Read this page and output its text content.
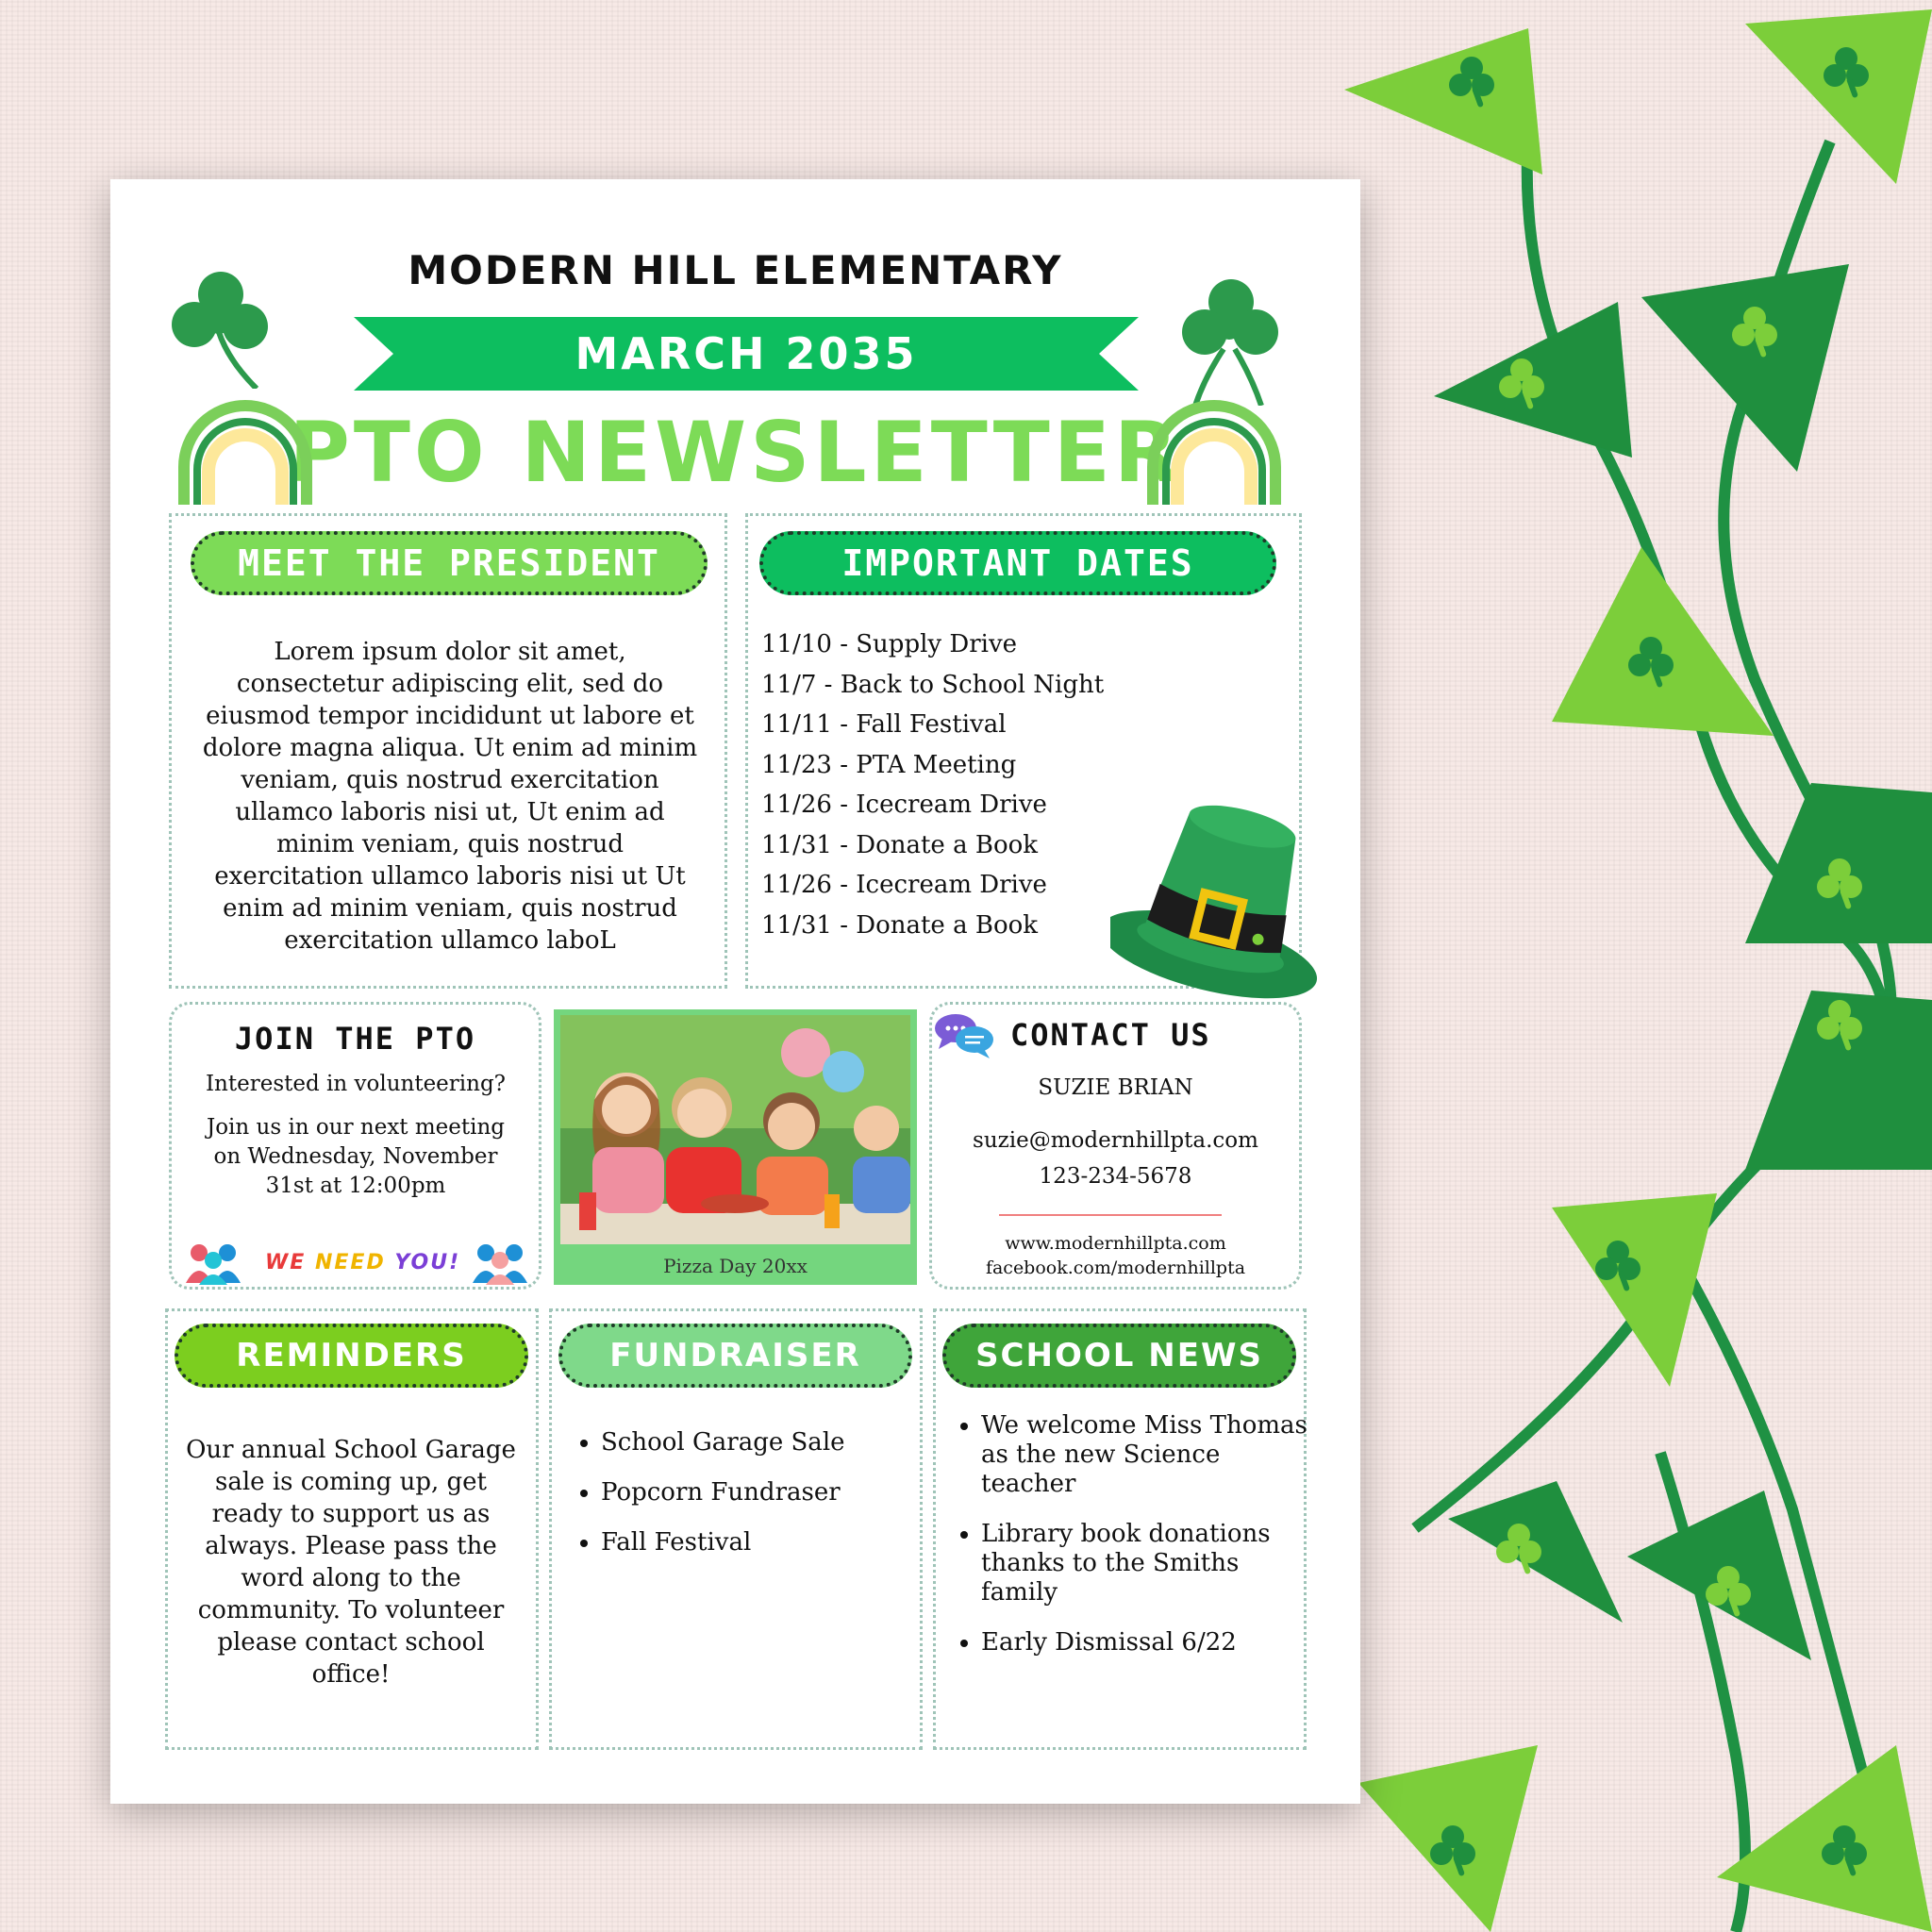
MODERN HILL ELEMENTARY
MARCH 2035
PTO NEWSLETTER
MEET THE PRESIDENT
Lorem ipsum dolor sit amet, consectetur adipiscing elit, sed do eiusmod tempor incididunt ut labore et dolore magna aliqua. Ut enim ad minim veniam, quis nostrud exercitation ullamco laboris nisi ut, Ut enim ad minim veniam, quis nostrud exercitation ullamco laboris nisi ut Ut enim ad minim veniam, quis nostrud exercitation ullamco laboL
IMPORTANT DATES
11/10 - Supply Drive
11/7 - Back to School Night
11/11 - Fall Festival
11/23 - PTA Meeting
11/26 - Icecream Drive
11/31 - Donate a Book
11/26 - Icecream Drive
11/31 - Donate a Book
JOIN THE PTO
Interested in volunteering?
Join us in our next meeting on Wednesday, November 31st at 12:00pm
WE NEED YOU!	Pizza Day 20xx
CONTACT US
SUZIE BRIAN
suzie@modernhillpta.com
123-234-5678
www.modernhillpta.com
facebook.com/modernhillpta
REMINDERS
Our annual School Garage sale is coming up, get ready to support us as always. Please pass the word along to the community. To volunteer please contact school office!
FUNDRAISER
• School Garage Sale
• Popcorn Fundraser
• Fall Festival
SCHOOL NEWS
• We welcome Miss Thomas as the new Science teacher
• Library book donations thanks to the Smiths family
• Early Dismissal 6/22
